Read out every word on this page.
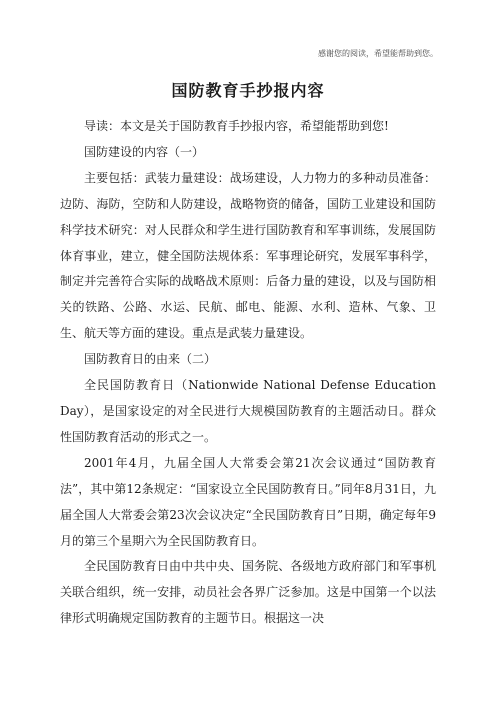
感谢您的阅读，希望能帮助到您。
国防教育手抄报内容

导读：本文是关于国防教育手抄报内容，希望能帮助到您!

国防建设的内容（一）

主要包括：武装力量建设：战场建设，人力物力的多种动员准备：边防、海防，空防和人防建设，战略物资的储备，国防工业建设和国防科学技术研究：对人民群众和学生进行国防教育和军事训练，发展国防体育事业，建立，健全国防法规体系：军事理论研究，发展军事科学，制定并完善符合实际的战略战术原则：后备力量的建设，以及与国防相关的铁路、公路、水运、民航、邮电、能源、水利、造林、气象、卫生、航天等方面的建设。重点是武装力量建设。

国防教育日的由来（二）

全民国防教育日（Nationwide National Defense Education Day），是国家设定的对全民进行大规模国防教育的主题活动日。群众性国防教育活动的形式之一。

2001年4月，九届全国人大常委会第21次会议通过“国防教育法”，其中第12条规定：“国家设立全民国防教育日。”同年8月31日，九届全国人大常委会第23次会议决定“全民国防教育日”日期，确定每年9月的第三个星期六为全民国防教育日。

全民国防教育日由中共中央、国务院、各级地方政府部门和军事机关联合组织，统一安排，动员社会各界广泛参加。这是中国第一个以法律形式明确规定国防教育的主题节日。根据这一决
